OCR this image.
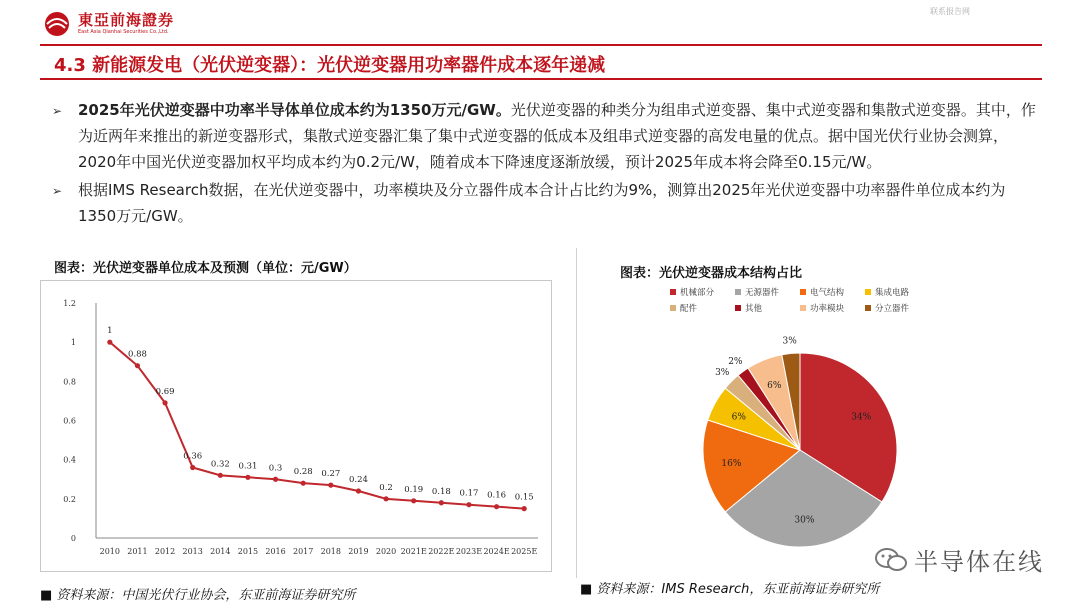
東亞前海證券
East Asia Qianhai Securities Co.,Ltd.
联系报告网
4.3 新能源发电（光伏逆变器）：光伏逆变器用功率器件成本逐年递减
➢	2025年光伏逆变器中功率半导体单位成本约为1350万元/GW。光伏逆变器的种类分为组串式逆变器、集中式逆变器和集散式逆变器。其中，作为近两年来推出的新逆变器形式，集散式逆变器汇集了集中式逆变器的低成本及组串式逆变器的高发电量的优点。据中国光伏行业协会测算，2020年中国光伏逆变器加权平均成本约为0.2元/W，随着成本下降速度逐渐放缓，预计2025年成本将会降至0.15元/W。
➢	根据IMS Research数据，在光伏逆变器中，功率模块及分立器件成本合计占比约为9%，测算出2025年光伏逆变器中功率器件单位成本约为1350万元/GW。
图表：光伏逆变器单位成本及预测（单位：元/GW）	图表：光伏逆变器成本结构占比
0
0.2
0.4
0.6
0.8
1
1.2
2010 2011 2012 2013 2014 2015 2016 2017 2018 2019 2020 2021E 2022E 2023E 2024E 2025E
1
0.88
0.69
0.36
0.32 0.31 0.3 0.28 0.27
0.24
0.2 0.19 0.18 0.17 0.16 0.15
机械部分	无源器件	电气结构	集成电路
配件	其他	功率模块	分立器件
34%
30%
16%
6%
3%
2%
6%
3%
■ 资料来源：中国光伏行业协会，东亚前海证券研究所	■ 资料来源：IMS Research，东亚前海证券研究所
半导体在线
